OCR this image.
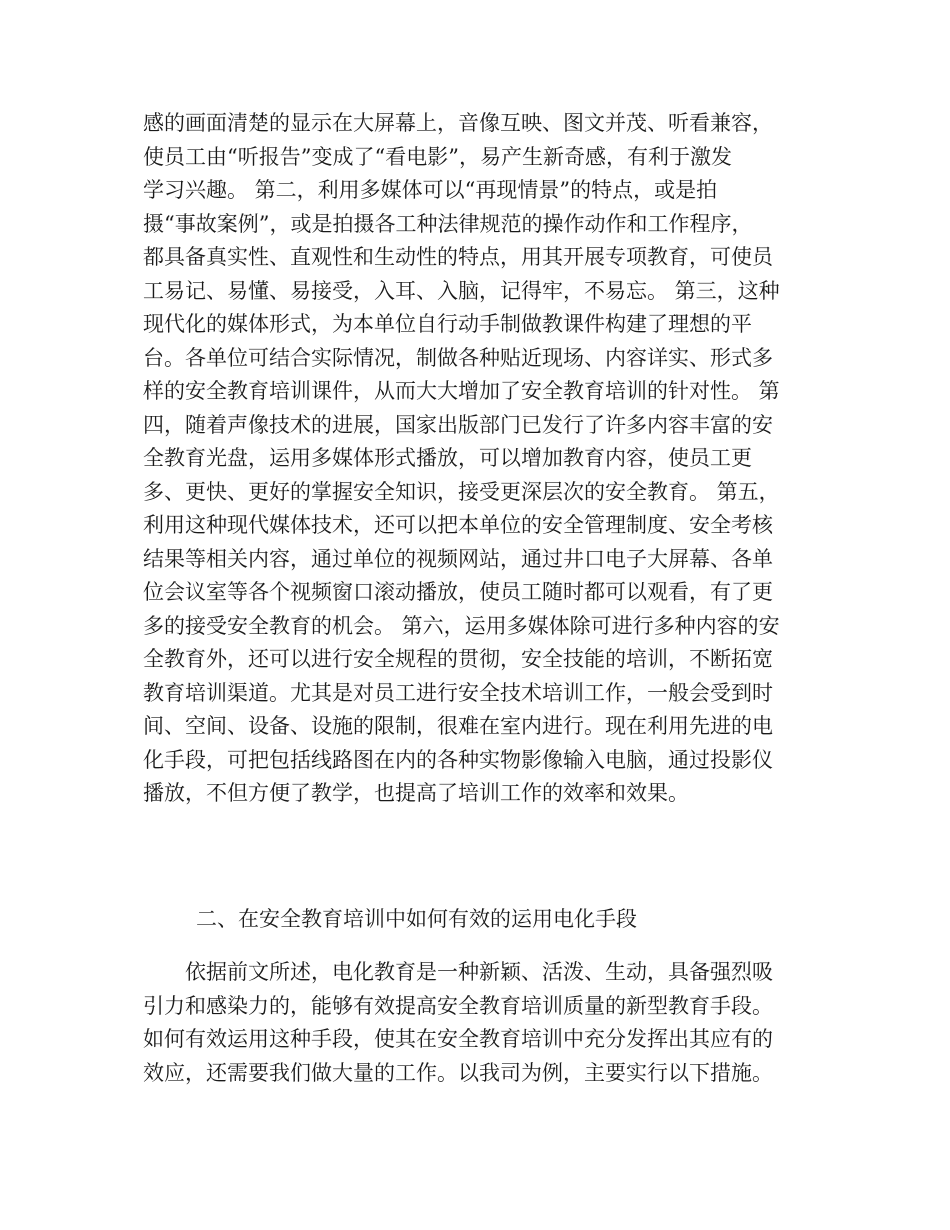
感的画面清楚的显示在大屏幕上，音像互映、图文并茂、听看兼容，
使员工由“听报告”变成了“看电影”，易产生新奇感，有利于激发
学习兴趣。 第二，利用多媒体可以“再现情景”的特点，或是拍
摄“事故案例”，或是拍摄各工种法律规范的操作动作和工作程序，
都具备真实性、直观性和生动性的特点，用其开展专项教育，可使员
工易记、易懂、易接受，入耳、入脑，记得牢，不易忘。 第三，这种
现代化的媒体形式，为本单位自行动手制做教课件构建了理想的平
台。各单位可结合实际情况，制做各种贴近现场、内容详实、形式多
样的安全教育培训课件，从而大大增加了安全教育培训的针对性。 第
四，随着声像技术的进展，国家出版部门已发行了许多内容丰富的安
全教育光盘，运用多媒体形式播放，可以增加教育内容，使员工更
多、更快、更好的掌握安全知识，接受更深层次的安全教育。 第五，
利用这种现代媒体技术，还可以把本单位的安全管理制度、安全考核
结果等相关内容，通过单位的视频网站，通过井口电子大屏幕、各单
位会议室等各个视频窗口滚动播放，使员工随时都可以观看，有了更
多的接受安全教育的机会。 第六，运用多媒体除可进行多种内容的安
全教育外，还可以进行安全规程的贯彻，安全技能的培训，不断拓宽
教育培训渠道。尤其是对员工进行安全技术培训工作，一般会受到时
间、空间、设备、设施的限制，很难在室内进行。现在利用先进的电
化手段，可把包括线路图在内的各种实物影像输入电脑，通过投影仪
播放，不但方便了教学，也提高了培训工作的效率和效果。
二、在安全教育培训中如何有效的运用电化手段
　　依据前文所述，电化教育是一种新颖、活泼、生动，具备强烈吸
引力和感染力的，能够有效提高安全教育培训质量的新型教育手段。
如何有效运用这种手段，使其在安全教育培训中充分发挥出其应有的
效应，还需要我们做大量的工作。以我司为例，主要实行以下措施。
